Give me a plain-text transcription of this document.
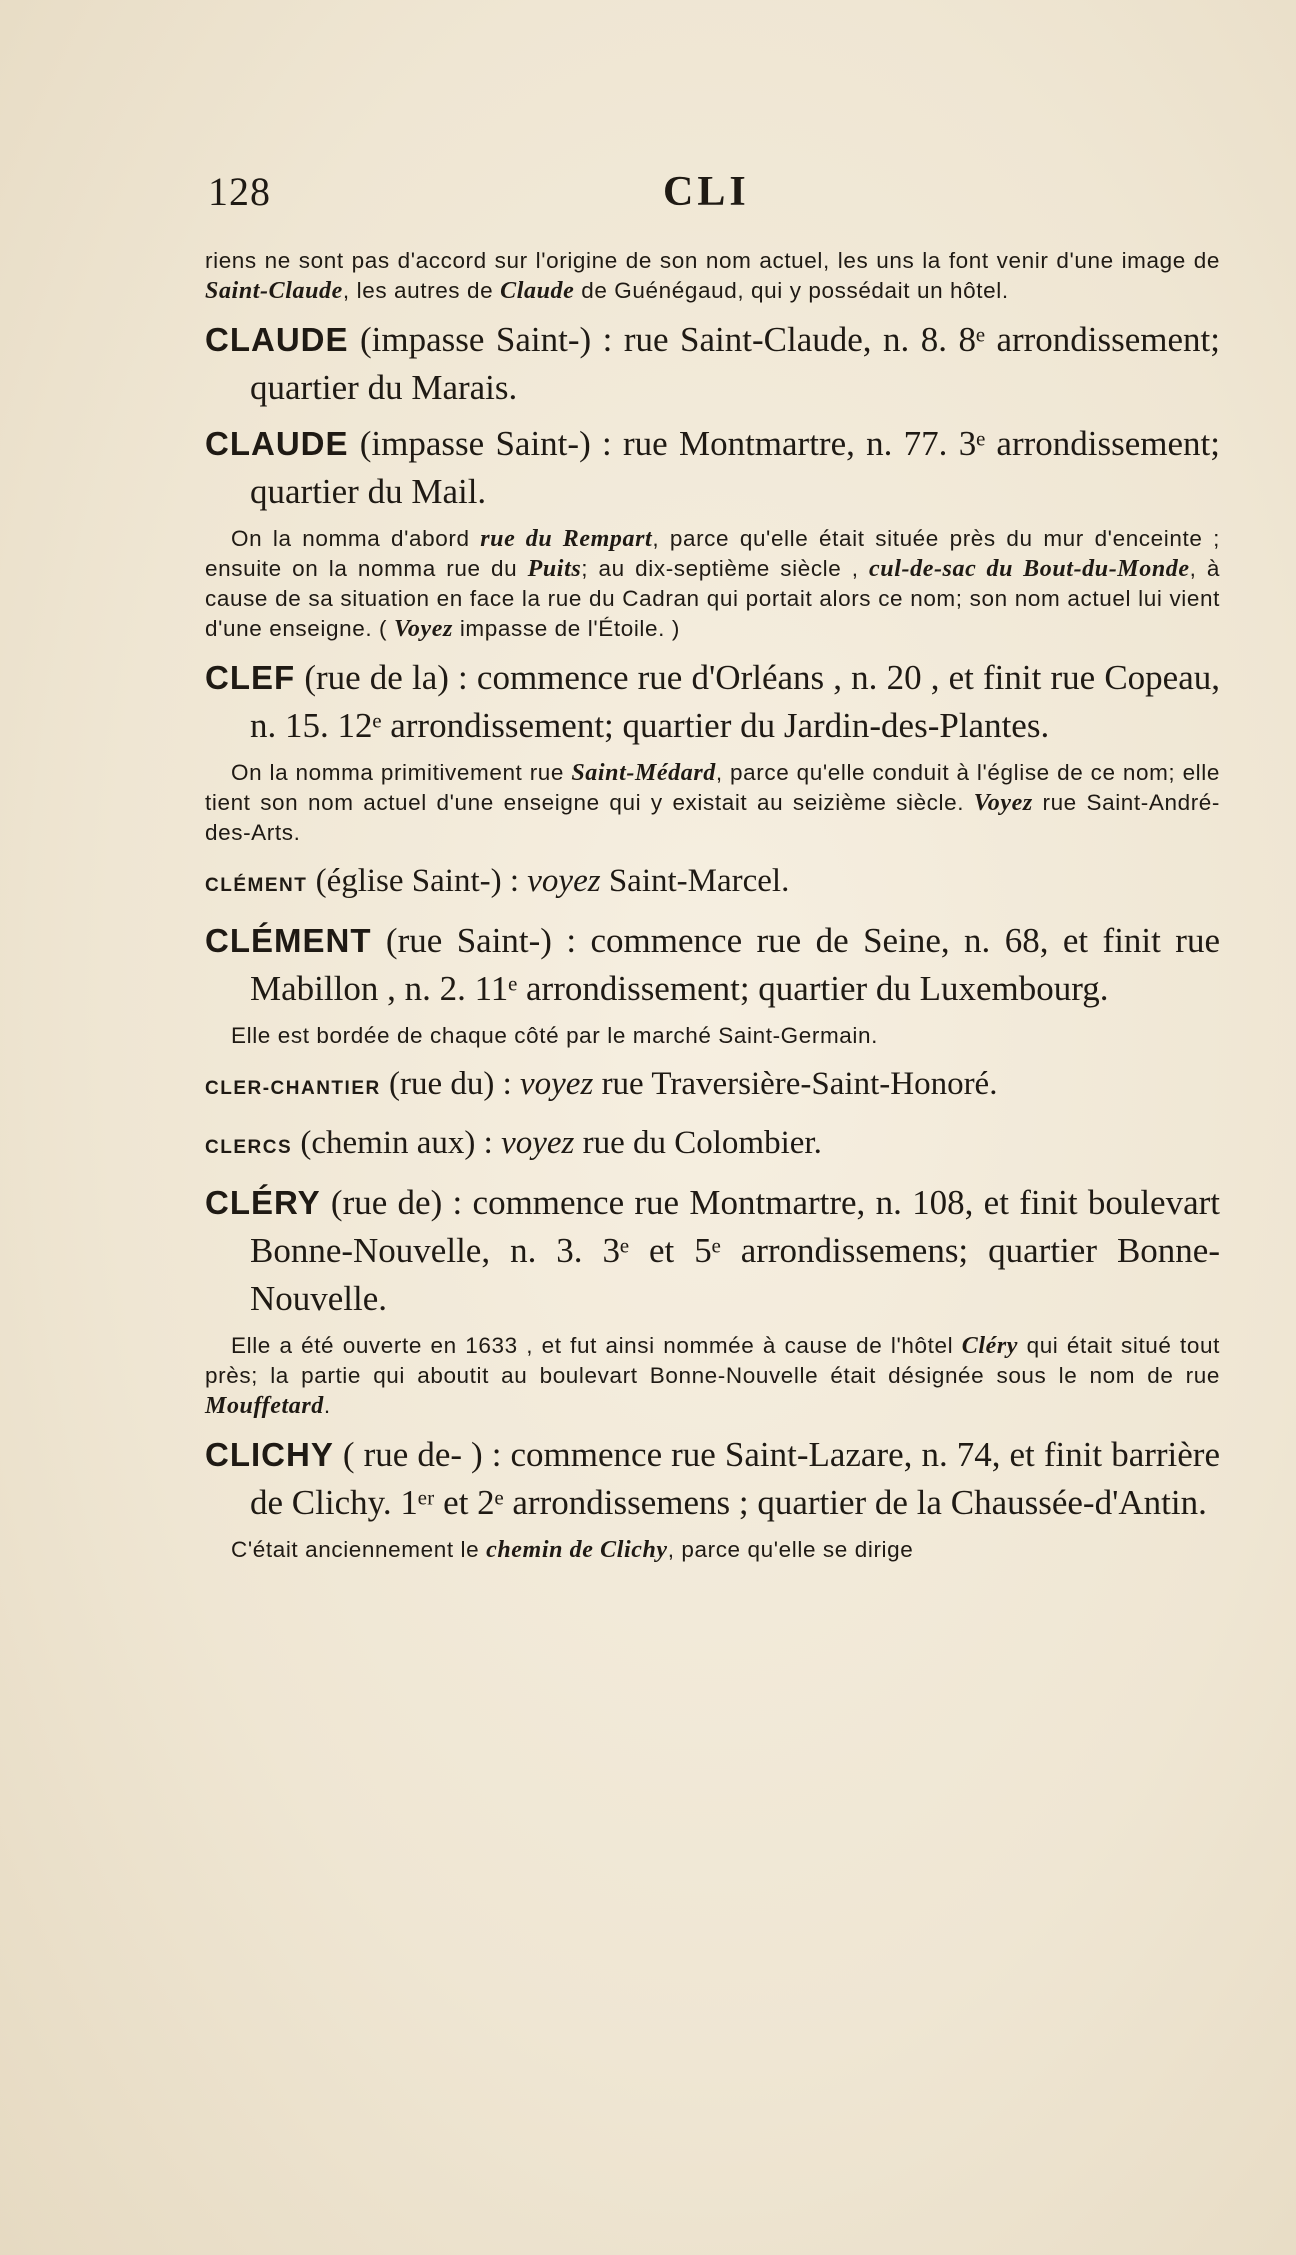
128	CLI

riens ne sont pas d'accord sur l'origine de son nom actuel, les uns la font venir d'une image de Saint-Claude, les autres de Claude de Guénégaud, qui y possédait un hôtel.

CLAUDE (impasse Saint-) : rue Saint-Claude, n. 8. 8ᵉ arrondissement; quartier du Marais.

CLAUDE (impasse Saint-) : rue Montmartre, n. 77. 3ᵉ arrondissement; quartier du Mail.

On la nomma d'abord rue du Rempart, parce qu'elle était située près du mur d'enceinte ; ensuite on la nomma rue du Puits; au dix-septième siècle , cul-de-sac du Bout-du-Monde, à cause de sa situation en face la rue du Cadran qui portait alors ce nom; son nom actuel lui vient d'une enseigne. ( Voyez impasse de l'Étoile. )

CLEF (rue de la) : commence rue d'Orléans , n. 20 , et finit rue Copeau, n. 15. 12ᵉ arrondissement; quartier du Jardin-des-Plantes.

On la nomma primitivement rue Saint-Médard, parce qu'elle conduit à l'église de ce nom; elle tient son nom actuel d'une enseigne qui y existait au seizième siècle. Voyez rue Saint-André-des-Arts.

CLÉMENT (église Saint-) : voyez Saint-Marcel.

CLÉMENT (rue Saint-) : commence rue de Seine, n. 68, et finit rue Mabillon , n. 2. 11ᵉ arrondissement; quartier du Luxembourg.

Elle est bordée de chaque côté par le marché Saint-Germain.

CLER-CHANTIER (rue du) : voyez rue Traversière-Saint-Honoré.

CLERCS (chemin aux) : voyez rue du Colombier.

CLÉRY (rue de) : commence rue Montmartre, n. 108, et finit boulevart Bonne-Nouvelle, n. 3. 3ᵉ et 5ᵉ arrondissemens; quartier Bonne-Nouvelle.

Elle a été ouverte en 1633 , et fut ainsi nommée à cause de l'hôtel Cléry qui était situé tout près; la partie qui aboutit au boulevart Bonne-Nouvelle était désignée sous le nom de rue Mouffetard.

CLICHY ( rue de- ) : commence rue Saint-Lazare, n. 74, et finit barrière de Clichy. 1ᵉʳ et 2ᵉ arrondissemens ; quartier de la Chaussée-d'Antin.

C'était anciennement le chemin de Clichy, parce qu'elle se dirige
